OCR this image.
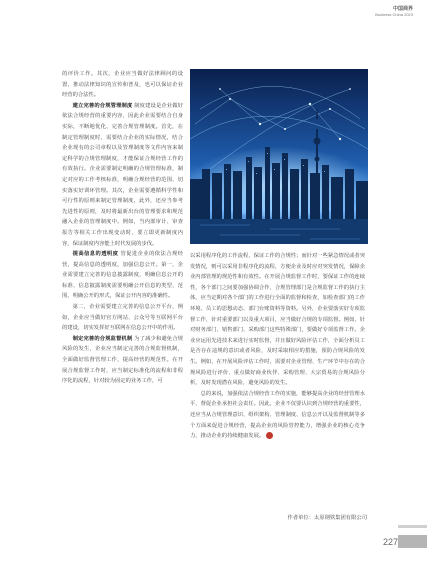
中国商界
Business China 2023

的评价工作。其次，企业应当做好法律顾问的设置，推动法律知识的宣传和普及，也可以保证企业经营的合法性。

建立完善的合规管理制度 制度建设是企业做好依法合规经营的重要内容，因此企业需要结合自身实际，不断地优化、完善合规管理制度。首先，在制定管理制度时，需要结合企业的实际情况，结合企业现有的公司章程以及管理制度等文件内容来制定科学的合规管理制度，才能保证合规经营工作的有效执行。企业需要制定明确的合规管理标准，制定对应的工作考核标准，明确合规经营的范围、切实落实好训环管理。其次，企业需要遵循科学性和可行性的原则来制定管理制度，此外，还应当参考先进性的原则，及时将最新出台的管理要求和规范融入企业的管理制度中。例如，当内部审计、审查报告等相关工作出现变动时，要立即更新制度内容，保证制度内容能上时代发展的步伐。

提高信息的透明度 管促进企业的依法合规经营，提高信息的透明度，加强信息公开。第一，企业需要建立完善的信息披露制度，明确信息公开的标准、信息披露制度需要明确公开信息的类型、范围，明确公开的形式，保证公开内容的准确性。

第二，企业需要建立完善的信息公开平台，例如，企业应当做好官方网站、公众号等互联网平台的建设，切实发挥好互联网在信息公开中的作用。

制定完善的合规监督机制 为了减少和避免合规风险的发生，企业应当制定完善的合规监督机制，全面做好监督管理工作，提高经营的规范性。在开展合规监督工作时，应当制定标准化的流程和非程序化的流程，针对较为固定的业务工作，可

以采用程序化的工作流程，保证工作的合规性；而针对一些紧急情况或者突发情况，则可以采用非程序化的流程，方便企业及时应对突发情况，保障企业内部管理的规范性和有效性。在开展合规监督工作时，要保证工作的连续性，各个部门之间要加强协调合作，合规管理部门是合规监督工作的执行主体，应当定期对各个部门的工作进行全面的监督和检查，如检查部门的工作环境、员工的思想动态、部门台账资料等资料。另外，企业要落实好专项监督工作，针对重要部门以及重大项目，应当做好合规的专项监督。例如，针对财务部门、销售部门、采购部门这些特殊部门，要做好专项监督工作。企业应运用先进技术来进行实时监督，并且做好风险评估工作，全面分析员工是否存在违规的意识或者风险，及时采取相应的措施，预防合规风险的发生。例如，在开展风险评估工作时，需要对企业管理、生产环节中存在的合规风险进行评价、重点做好商业伙伴、采购管理、大宗贸易的合规风险分析，及时发现潜在风险，避免风险的发生。

总的来说，加强依法合规经营工作的实施，能够提高企业的经营管理水平，督促企业承担社会责任。因此，企业不仅要认识到合规经营的重要性，还应当从合规管理意识、组织架构、管理制度、信息公开以及监督机制等多个方面来促进合规经营，提高企业的风险管控能力，增强企业的核心竞争力，推动企业的持续健康发展。

作者单位：太原钢铁集团有限公司
227
